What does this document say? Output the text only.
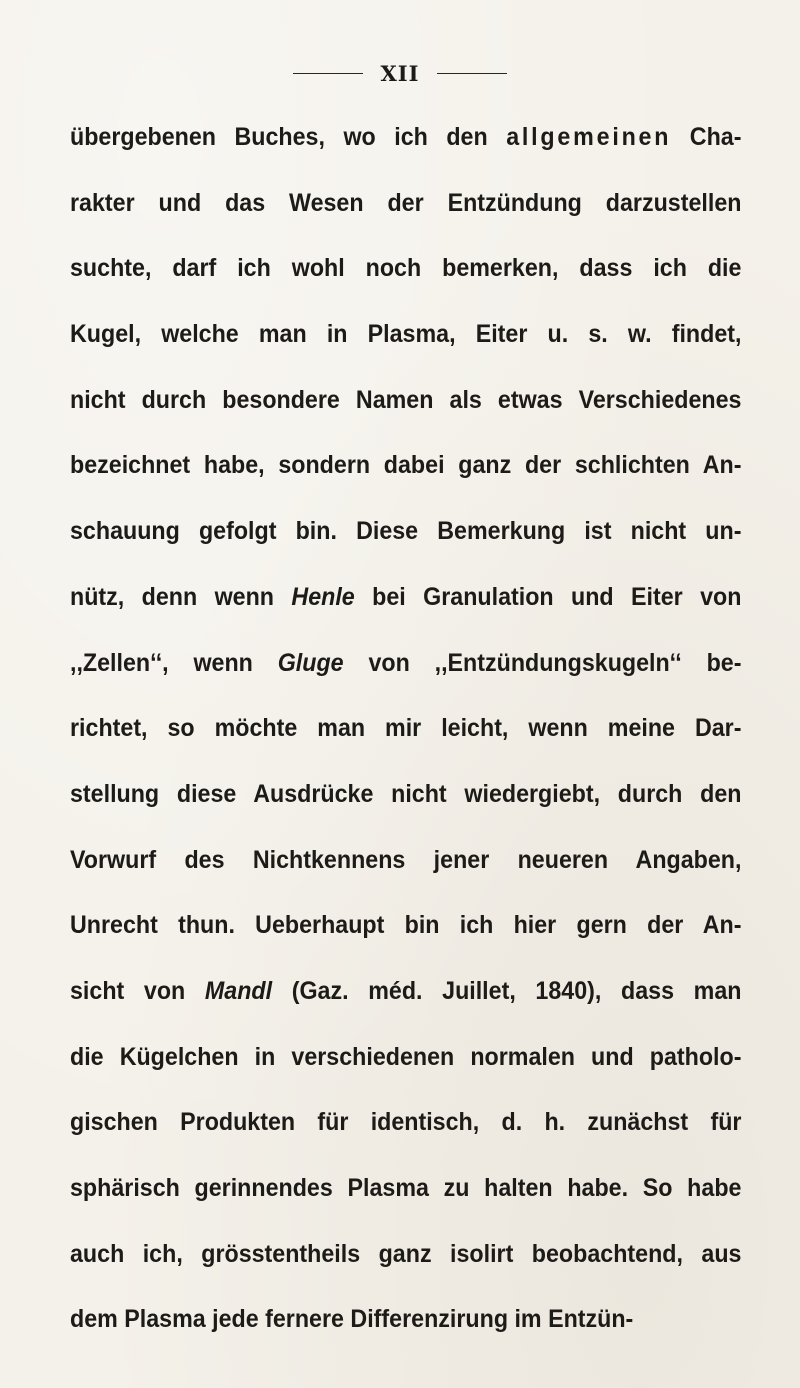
XII
übergebenen Buches, wo ich den allgemeinen Cha-
rakter und das Wesen der Entzündung darzustellen
suchte, darf ich wohl noch bemerken, dass ich die
Kugel, welche man in Plasma, Eiter u. s. w. findet,
nicht durch besondere Namen als etwas Verschiedenes
bezeichnet habe, sondern dabei ganz der schlichten An-
schauung gefolgt bin. Diese Bemerkung ist nicht un-
nütz, denn wenn Henle bei Granulation und Eiter von
,,Zellen‘‘, wenn Gluge von ,,Entzündungskugeln‘‘ be-
richtet, so möchte man mir leicht, wenn meine Dar-
stellung diese Ausdrücke nicht wiedergiebt, durch den
Vorwurf des Nichtkennens jener neueren Angaben,
Unrecht thun. Ueberhaupt bin ich hier gern der An-
sicht von Mandl (Gaz. méd. Juillet, 1840), dass man
die Kügelchen in verschiedenen normalen und patholo-
gischen Produkten für identisch, d. h. zunächst für
sphärisch gerinnendes Plasma zu halten habe. So habe
auch ich, grösstentheils ganz isolirt beobachtend, aus
dem Plasma jede fernere Differenzirung im Entzün-
